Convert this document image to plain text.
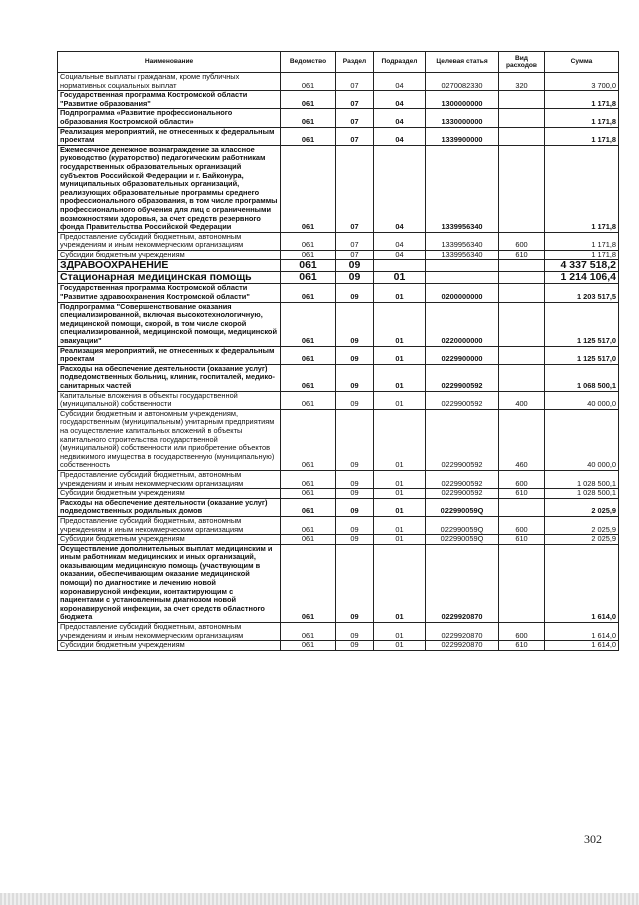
Наименование	Ведомство	Раздел	Подраздел	Целевая статья	Вид расходов	Сумма
Социальные выплаты гражданам, кроме публичных нормативных социальных выплат	061	07	04	0270082330	320	3 700,0
Государственная программа Костромской области "Развитие образования"	061	07	04	1300000000		1 171,8
Подпрограмма «Развитие профессионального образования Костромской области»	061	07	04	1330000000		1 171,8
Реализация мероприятий, не отнесенных к федеральным проектам	061	07	04	1339900000		1 171,8
Ежемесячное денежное вознаграждение за классное руководство (кураторство) педагогическим работникам государственных образовательных организаций субъектов Российской Федерации и г. Байконура, муниципальных образовательных организаций, реализующих образовательные программы среднего профессионального образования, в том числе программы профессионального обучения для лиц с ограниченными возможностями здоровья, за счет средств резервного фонда Правительства Российской Федерации	061	07	04	1339956340		1 171,8
Предоставление субсидий бюджетным, автономным учреждениям и иным некоммерческим организациям	061	07	04	1339956340	600	1 171,8
Субсидии бюджетным учреждениям	061	07	04	1339956340	610	1 171,8
ЗДРАВООХРАНЕНИЕ	061	09				4 337 518,2
Стационарная медицинская помощь	061	09	01			1 214 106,4
Государственная программа Костромской области "Развитие здравоохранения Костромской области"	061	09	01	0200000000		1 203 517,5
Подпрограмма "Совершенствование оказания специализированной, включая высокотехнологичную, медицинской помощи, скорой, в том числе скорой специализированной, медицинской помощи, медицинской эвакуации"	061	09	01	0220000000		1 125 517,0
Реализация мероприятий, не отнесенных к федеральным проектам	061	09	01	0229900000		1 125 517,0
Расходы на обеспечение деятельности (оказание услуг) подведомственных больниц, клиник, госпиталей, медико-санитарных частей	061	09	01	0229900592		1 068 500,1
Капитальные вложения в объекты государственной (муниципальной) собственности	061	09	01	0229900592	400	40 000,0
Субсидии бюджетным и автономным учреждениям, государственным (муниципальным) унитарным предприятиям на осуществление капитальных вложений в объекты капитального строительства государственной (муниципальной) собственности или приобретение объектов недвижимого имущества в государственную (муниципальную) собственность	061	09	01	0229900592	460	40 000,0
Предоставление субсидий бюджетным, автономным учреждениям и иным некоммерческим организациям	061	09	01	0229900592	600	1 028 500,1
Субсидии бюджетным учреждениям	061	09	01	0229900592	610	1 028 500,1
Расходы на обеспечение деятельности (оказание услуг) подведомственных родильных домов	061	09	01	022990059Q		2 025,9
Предоставление субсидий бюджетным, автономным учреждениям и иным некоммерческим организациям	061	09	01	022990059Q	600	2 025,9
Субсидии бюджетным учреждениям	061	09	01	022990059Q	610	2 025,9
Осуществление дополнительных выплат медицинским и иным работникам медицинских и иных организаций, оказывающим медицинскую помощь (участвующим в оказании, обеспечивающим оказание медицинской помощи) по диагностике и лечению новой коронавирусной инфекции, контактирующим с пациентами с установленным диагнозом новой коронавирусной инфекции, за счет средств областного бюджета	061	09	01	0229920870		1 614,0
Предоставление субсидий бюджетным, автономным учреждениям и иным некоммерческим организациям	061	09	01	0229920870	600	1 614,0
Субсидии бюджетным учреждениям	061	09	01	0229920870	610	1 614,0
302
